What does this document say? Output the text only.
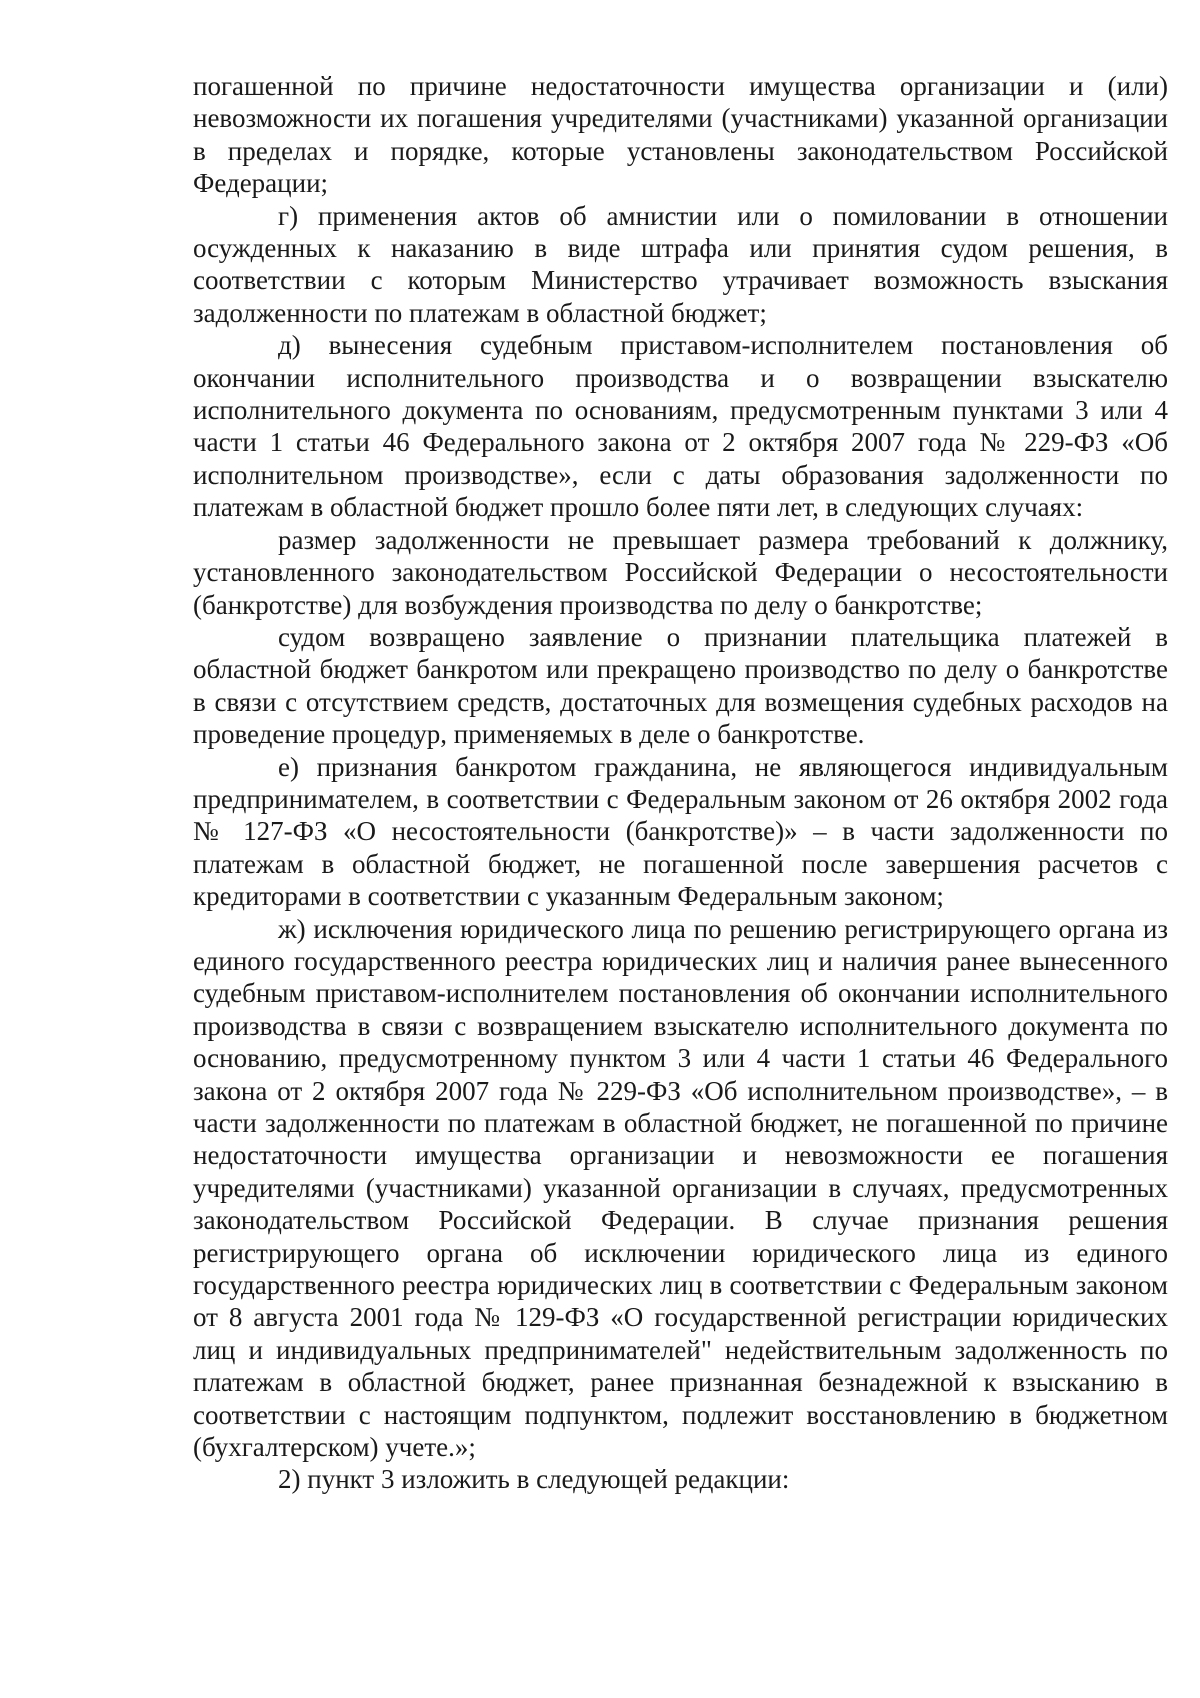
погашенной по причине недостаточности имущества организации и (или) невозможности их погашения учредителями (участниками) указанной организации в пределах и порядке, которые установлены законодательством Российской Федерации;

г) применения актов об амнистии или о помиловании в отношении осужденных к наказанию в виде штрафа или принятия судом решения, в соответствии с которым Министерство утрачивает возможность взыскания задолженности по платежам в областной бюджет;

д) вынесения судебным приставом-исполнителем постановления об окончании исполнительного производства и о возвращении взыскателю исполнительного документа по основаниям, предусмотренным пунктами 3 или 4 части 1 статьи 46 Федерального закона от 2 октября 2007 года № 229-ФЗ «Об исполнительном производстве», если с даты образования задолженности по платежам в областной бюджет прошло более пяти лет, в следующих случаях:

размер задолженности не превышает размера требований к должнику, установленного законодательством Российской Федерации о несостоятельности (банкротстве) для возбуждения производства по делу о банкротстве;

судом возвращено заявление о признании плательщика платежей в областной бюджет банкротом или прекращено производство по делу о банкротстве в связи с отсутствием средств, достаточных для возмещения судебных расходов на проведение процедур, применяемых в деле о банкротстве.

е) признания банкротом гражданина, не являющегося индивидуальным предпринимателем, в соответствии с Федеральным законом от 26 октября 2002 года № 127-ФЗ «О несостоятельности (банкротстве)» – в части задолженности по платежам в областной бюджет, не погашенной после завершения расчетов с кредиторами в соответствии с указанным Федеральным законом;

ж) исключения юридического лица по решению регистрирующего органа из единого государственного реестра юридических лиц и наличия ранее вынесенного судебным приставом-исполнителем постановления об окончании исполнительного производства в связи с возвращением взыскателю исполнительного документа по основанию, предусмотренному пунктом 3 или 4 части 1 статьи 46 Федерального закона от 2 октября 2007 года № 229-ФЗ «Об исполнительном производстве», – в части задолженности по платежам в областной бюджет, не погашенной по причине недостаточности имущества организации и невозможности ее погашения учредителями (участниками) указанной организации в случаях, предусмотренных законодательством Российской Федерации. В случае признания решения регистрирующего органа об исключении юридического лица из единого государственного реестра юридических лиц в соответствии с Федеральным законом от 8 августа 2001 года № 129-ФЗ «О государственной регистрации юридических лиц и индивидуальных предпринимателей" недействительным задолженность по платежам в областной бюджет, ранее признанная безнадежной к взысканию в соответствии с настоящим подпунктом, подлежит восстановлению в бюджетном (бухгалтерском) учете.»;

2) пункт 3 изложить в следующей редакции:
